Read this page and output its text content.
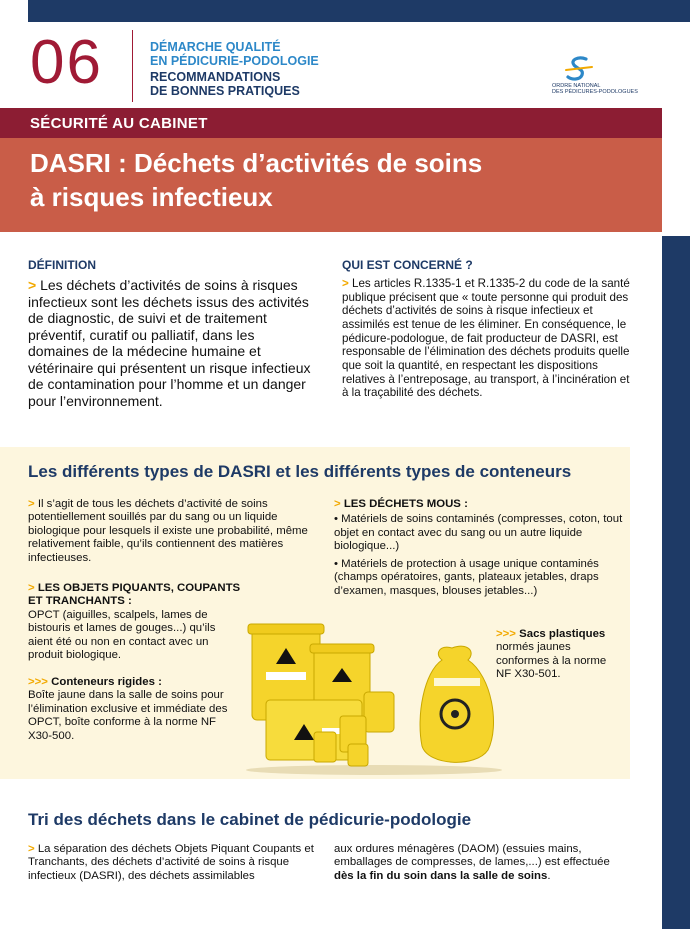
06	DÉMARCHE QUALITÉ
EN PÉDICURIE-PODOLOGIE
RECOMMANDATIONS
DE BONNES PRATIQUES	ORDRE NATIONAL
DES PÉDICURES-PODOLOGUES
SÉCURITÉ AU CABINET
DASRI : Déchets d’activités de soins
à risques infectieux
DÉFINITION
> Les déchets d’activités de soins à risques infectieux sont les déchets issus des activités de diagnostic, de suivi et de traitement préventif, curatif ou palliatif, dans les domaines de la médecine humaine et vétérinaire qui présentent un risque infectieux de contamination pour l’homme et un danger pour l’environnement.
QUI EST CONCERNÉ ?
> Les articles R.1335-1 et R.1335-2 du code de la santé publique précisent que « toute personne qui produit des déchets d’activités de soins à risque infectieux et assimilés est tenue de les éliminer. En conséquence, le pédicure-podologue, de fait producteur de DASRI, est responsable de l’élimination des déchets produits quelle que soit la quantité, en respectant les dispositions relatives à l’entreposage, au transport, à l’incinération et à la traçabilité des déchets.
Les différents types de DASRI et les différents types de conteneurs
> Il s’agit de tous les déchets d’activité de soins potentiellement souillés par du sang ou un liquide biologique pour lesquels il existe une probabilité, même relativement faible, qu’ils contiennent des matières infectieuses.
> LES OBJETS PIQUANTS, COUPANTS ET TRANCHANTS :
OPCT (aiguilles, scalpels, lames de bistouris et lames de gouges...) qu’ils aient été ou non en contact avec un produit biologique.
>>> Conteneurs rigides :
Boîte jaune dans la salle de soins pour l’élimination exclusive et immédiate des OPCT, boîte conforme à la norme NF X30-500.
> LES DÉCHETS MOUS :
• Matériels de soins contaminés (compresses, coton, tout objet en contact avec du sang ou un autre liquide biologique...)
• Matériels de protection à usage unique contaminés (champs opératoires, gants, plateaux jetables, draps d’examen, masques, blouses jetables...)
>>> Sacs plastiques
normés jaunes conformes à la norme NF X30-501.
Tri des déchets dans le cabinet de pédicurie-podologie
> La séparation des déchets Objets Piquant Coupants et Tranchants, des déchets d’activité de soins à risque infectieux (DASRI), des déchets assimilables
aux ordures ménagères (DAOM) (essuies mains, emballages de compresses, de lames,...) est effectuée dès la fin du soin dans la salle de soins.
